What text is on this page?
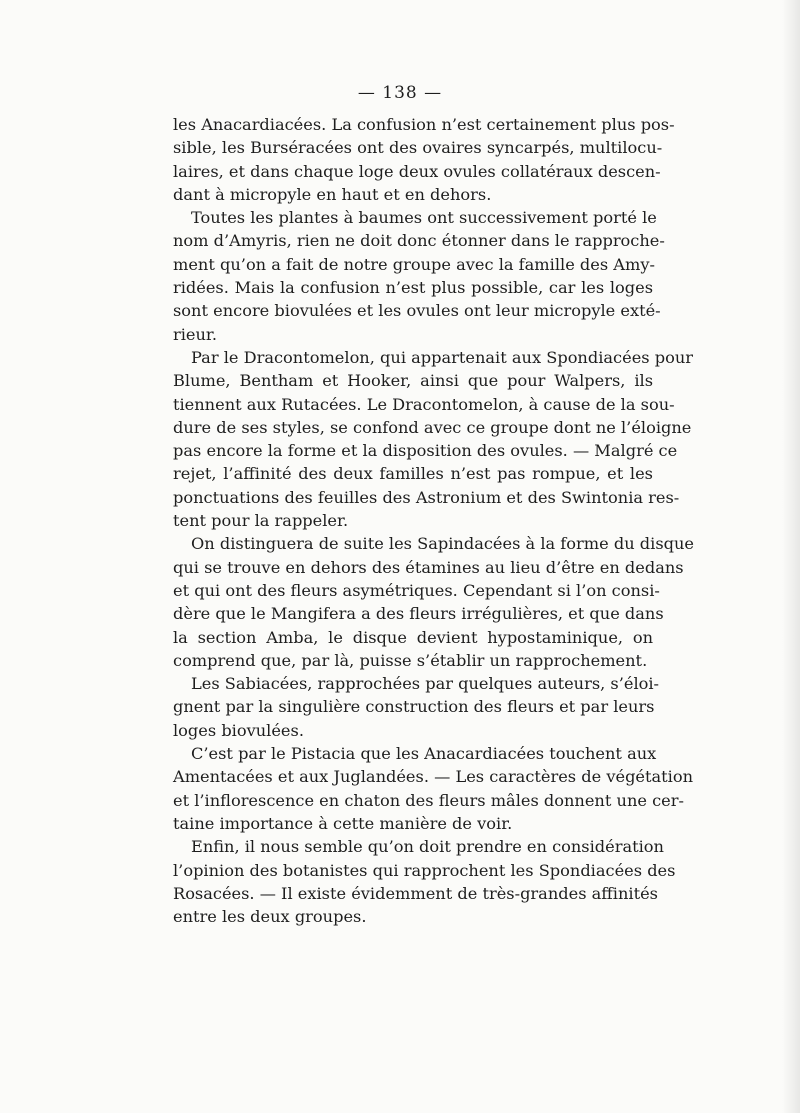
— 138 —
les Anacardiacées. La confusion n’est certainement plus pos-
sible, les Burséracées ont des ovaires syncarpés, multilocu-
laires, et dans chaque loge deux ovules collatéraux descen-
dant à micropyle en haut et en dehors.
Toutes les plantes à baumes ont successivement porté le
nom d’Amyris, rien ne doit donc étonner dans le rapproche-
ment qu’on a fait de notre groupe avec la famille des Amy-
ridées. Mais la confusion n’est plus possible, car les loges
sont encore biovulées et les ovules ont leur micropyle exté-
rieur.
Par le Dracontomelon, qui appartenait aux Spondiacées pour
Blume, Bentham et Hooker, ainsi que pour Walpers, ils
tiennent aux Rutacées. Le Dracontomelon, à cause de la sou-
dure de ses styles, se confond avec ce groupe dont ne l’éloigne
pas encore la forme et la disposition des ovules. — Malgré ce
rejet, l’affinité des deux familles n’est pas rompue, et les
ponctuations des feuilles des Astronium et des Swintonia res-
tent pour la rappeler.
On distinguera de suite les Sapindacées à la forme du disque
qui se trouve en dehors des étamines au lieu d’être en dedans
et qui ont des fleurs asymétriques. Cependant si l’on consi-
dère que le Mangifera a des fleurs irrégulières, et que dans
la section Amba, le disque devient hypostaminique, on
comprend que, par là, puisse s’établir un rapprochement.
Les Sabiacées, rapprochées par quelques auteurs, s’éloi-
gnent par la singulière construction des fleurs et par leurs
loges biovulées.
C’est par le Pistacia que les Anacardiacées touchent aux
Amentacées et aux Juglandées. — Les caractères de végétation
et l’inflorescence en chaton des fleurs mâles donnent une cer-
taine importance à cette manière de voir.
Enfin, il nous semble qu’on doit prendre en considération
l’opinion des botanistes qui rapprochent les Spondiacées des
Rosacées. — Il existe évidemment de très-grandes affinités
entre les deux groupes.
